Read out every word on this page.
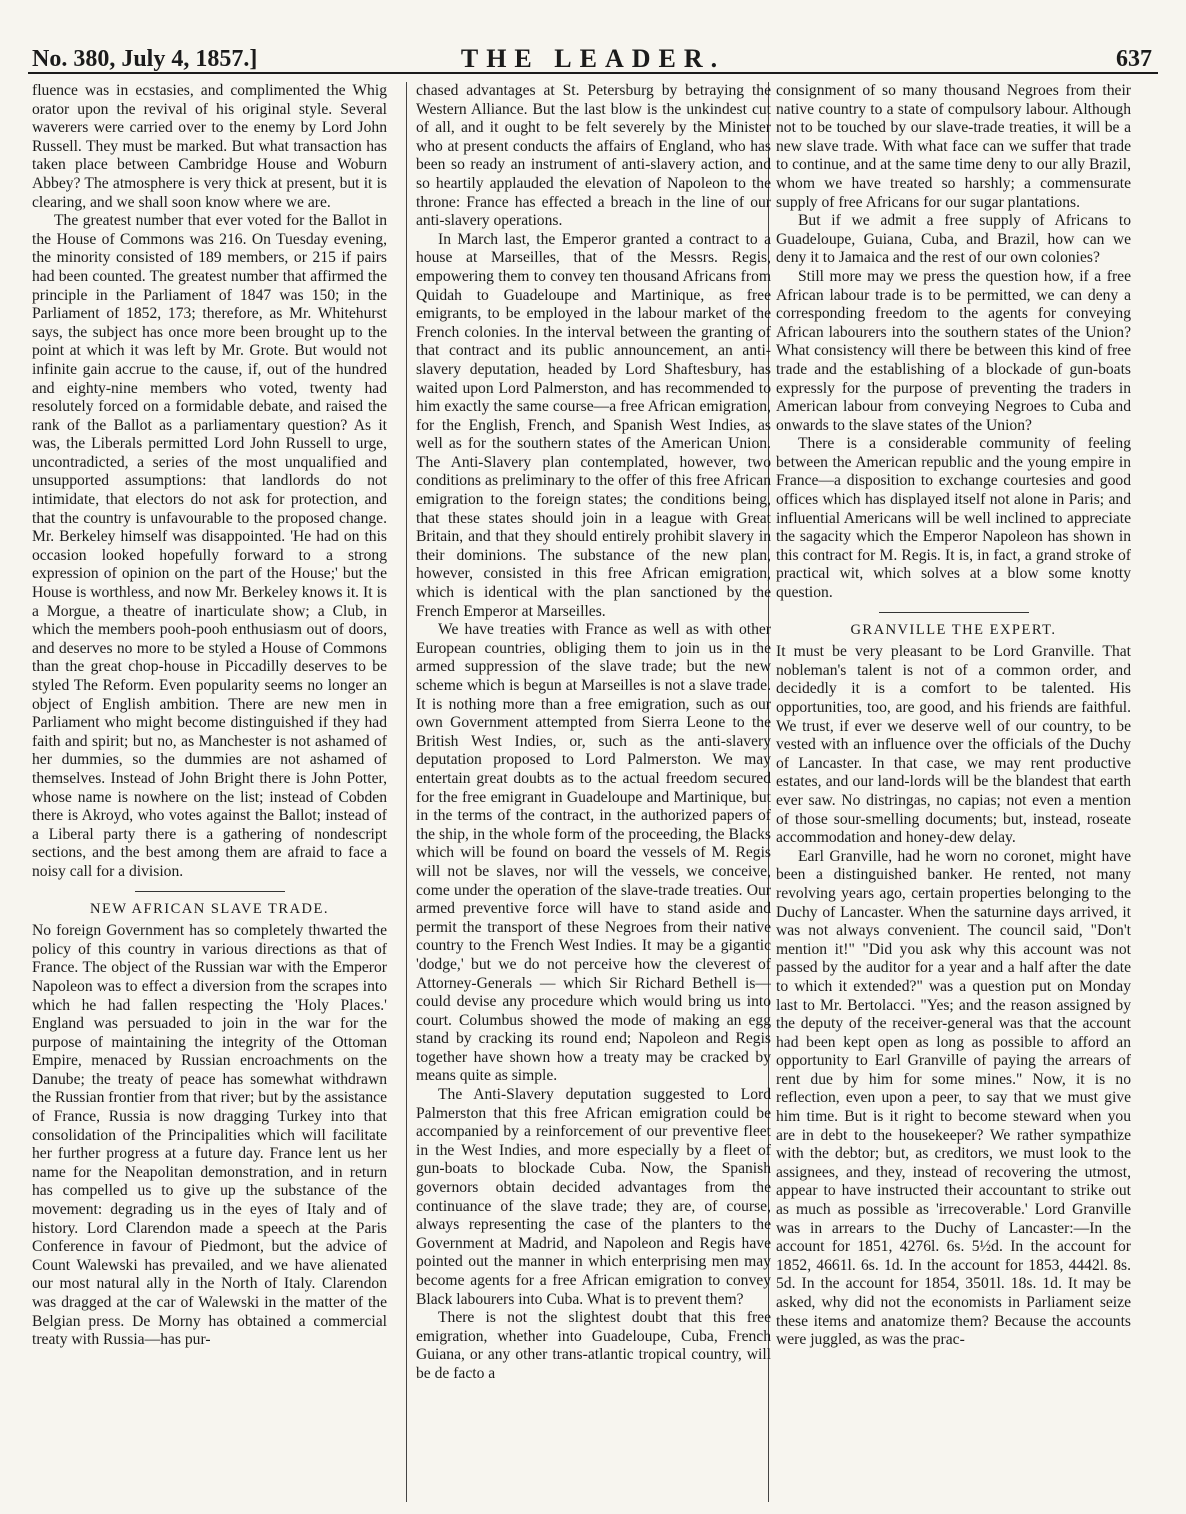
No. 380, July 4, 1857.]	THE LEADER.	637

fluence was in ecstasies, and complimented the Whig orator upon the revival of his original style. Several waverers were carried over to the enemy by Lord John Russell. They must be marked. But what transaction has taken place between Cambridge House and Woburn Abbey? The atmosphere is very thick at present, but it is clearing, and we shall soon know where we are.

The greatest number that ever voted for the Ballot in the House of Commons was 216. On Tuesday evening, the minority consisted of 189 members, or 215 if pairs had been counted. The greatest number that affirmed the principle in the Parliament of 1847 was 150; in the Parliament of 1852, 173; therefore, as Mr. Whitehurst says, the subject has once more been brought up to the point at which it was left by Mr. Grote. But would not infinite gain accrue to the cause, if, out of the hundred and eighty-nine members who voted, twenty had resolutely forced on a formidable debate, and raised the rank of the Ballot as a parliamentary question? As it was, the Liberals permitted Lord John Russell to urge, uncontradicted, a series of the most unqualified and unsupported assumptions: that landlords do not intimidate, that electors do not ask for protection, and that the country is unfavourable to the proposed change. Mr. Berkeley himself was disappointed. 'He had on this occasion looked hopefully forward to a strong expression of opinion on the part of the House;' but the House is worthless, and now Mr. Berkeley knows it. It is a Morgue, a theatre of inarticulate show; a Club, in which the members pooh-pooh enthusiasm out of doors, and deserves no more to be styled a House of Commons than the great chop-house in Piccadilly deserves to be styled The Reform. Even popularity seems no longer an object of English ambition. There are new men in Parliament who might become distinguished if they had faith and spirit; but no, as Manchester is not ashamed of her dummies, so the dummies are not ashamed of themselves. Instead of John Bright there is John Potter, whose name is nowhere on the list; instead of Cobden there is Akroyd, who votes against the Ballot; instead of a Liberal party there is a gathering of nondescript sections, and the best among them are afraid to face a noisy call for a division.

NEW AFRICAN SLAVE TRADE.

No foreign Government has so completely thwarted the policy of this country in various directions as that of France. The object of the Russian war with the Emperor Napoleon was to effect a diversion from the scrapes into which he had fallen respecting the 'Holy Places.' England was persuaded to join in the war for the purpose of maintaining the integrity of the Ottoman Empire, menaced by Russian encroachments on the Danube; the treaty of peace has somewhat withdrawn the Russian frontier from that river; but by the assistance of France, Russia is now dragging Turkey into that consolidation of the Principalities which will facilitate her further progress at a future day. France lent us her name for the Neapolitan demonstration, and in return has compelled us to give up the substance of the movement: degrading us in the eyes of Italy and of history. Lord Clarendon made a speech at the Paris Conference in favour of Piedmont, but the advice of Count Walewski has prevailed, and we have alienated our most natural ally in the North of Italy. Clarendon was dragged at the car of Walewski in the matter of the Belgian press. De Morny has obtained a commercial treaty with Russia—has pur-

chased advantages at St. Petersburg by betraying the Western Alliance. But the last blow is the unkindest cut of all, and it ought to be felt severely by the Minister who at present conducts the affairs of England, who has been so ready an instrument of anti-slavery action, and so heartily applauded the elevation of Napoleon to the throne: France has effected a breach in the line of our anti-slavery operations.

In March last, the Emperor granted a contract to a house at Marseilles, that of the Messrs. Regis, empowering them to convey ten thousand Africans from Quidah to Guadeloupe and Martinique, as free emigrants, to be employed in the labour market of the French colonies. In the interval between the granting of that contract and its public announcement, an anti-slavery deputation, headed by Lord Shaftesbury, has waited upon Lord Palmerston, and has recommended to him exactly the same course—a free African emigration, for the English, French, and Spanish West Indies, as well as for the southern states of the American Union. The Anti-Slavery plan contemplated, however, two conditions as preliminary to the offer of this free African emigration to the foreign states; the conditions being, that these states should join in a league with Great Britain, and that they should entirely prohibit slavery in their dominions. The substance of the new plan, however, consisted in this free African emigration, which is identical with the plan sanctioned by the French Emperor at Marseilles.

We have treaties with France as well as with other European countries, obliging them to join us in the armed suppression of the slave trade; but the new scheme which is begun at Marseilles is not a slave trade. It is nothing more than a free emigration, such as our own Government attempted from Sierra Leone to the British West Indies, or, such as the anti-slavery deputation proposed to Lord Palmerston. We may entertain great doubts as to the actual freedom secured for the free emigrant in Guadeloupe and Martinique, but in the terms of the contract, in the authorized papers of the ship, in the whole form of the proceeding, the Blacks which will be found on board the vessels of M. Regis will not be slaves, nor will the vessels, we conceive, come under the operation of the slave-trade treaties. Our armed preventive force will have to stand aside and permit the transport of these Negroes from their native country to the French West Indies. It may be a gigantic 'dodge,' but we do not perceive how the cleverest of Attorney-Generals — which Sir Richard Bethell is—could devise any procedure which would bring us into court. Columbus showed the mode of making an egg stand by cracking its round end; Napoleon and Regis together have shown how a treaty may be cracked by means quite as simple.

The Anti-Slavery deputation suggested to Lord Palmerston that this free African emigration could be accompanied by a reinforcement of our preventive fleet in the West Indies, and more especially by a fleet of gun-boats to blockade Cuba. Now, the Spanish governors obtain decided advantages from the continuance of the slave trade; they are, of course, always representing the case of the planters to the Government at Madrid, and Napoleon and Regis have pointed out the manner in which enterprising men may become agents for a free African emigration to convey Black labourers into Cuba. What is to prevent them?

There is not the slightest doubt that this free emigration, whether into Guadeloupe, Cuba, French Guiana, or any other trans-atlantic tropical country, will be de facto a

consignment of so many thousand Negroes from their native country to a state of compulsory labour. Although not to be touched by our slave-trade treaties, it will be a new slave trade. With what face can we suffer that trade to continue, and at the same time deny to our ally Brazil, whom we have treated so harshly; a commensurate supply of free Africans for our sugar plantations.

But if we admit a free supply of Africans to Guadeloupe, Guiana, Cuba, and Brazil, how can we deny it to Jamaica and the rest of our own colonies?

Still more may we press the question how, if a free African labour trade is to be permitted, we can deny a corresponding freedom to the agents for conveying African labourers into the southern states of the Union? What consistency will there be between this kind of free trade and the establishing of a blockade of gun-boats expressly for the purpose of preventing the traders in American labour from conveying Negroes to Cuba and onwards to the slave states of the Union?

There is a considerable community of feeling between the American republic and the young empire in France—a disposition to exchange courtesies and good offices which has displayed itself not alone in Paris; and influential Americans will be well inclined to appreciate the sagacity which the Emperor Napoleon has shown in this contract for M. Regis. It is, in fact, a grand stroke of practical wit, which solves at a blow some knotty question.

GRANVILLE THE EXPERT.

It must be very pleasant to be Lord Granville. That nobleman's talent is not of a common order, and decidedly it is a comfort to be talented. His opportunities, too, are good, and his friends are faithful. We trust, if ever we deserve well of our country, to be vested with an influence over the officials of the Duchy of Lancaster. In that case, we may rent productive estates, and our land-lords will be the blandest that earth ever saw. No distringas, no capias; not even a mention of those sour-smelling documents; but, instead, roseate accommodation and honey-dew delay.

Earl Granville, had he worn no coronet, might have been a distinguished banker. He rented, not many revolving years ago, certain properties belonging to the Duchy of Lancaster. When the saturnine days arrived, it was not always convenient. The council said, "Don't mention it!" "Did you ask why this account was not passed by the auditor for a year and a half after the date to which it extended?" was a question put on Monday last to Mr. Bertolacci. "Yes; and the reason assigned by the deputy of the receiver-general was that the account had been kept open as long as possible to afford an opportunity to Earl Granville of paying the arrears of rent due by him for some mines." Now, it is no reflection, even upon a peer, to say that we must give him time. But is it right to become steward when you are in debt to the housekeeper? We rather sympathize with the debtor; but, as creditors, we must look to the assignees, and they, instead of recovering the utmost, appear to have instructed their accountant to strike out as much as possible as 'irrecoverable.' Lord Granville was in arrears to the Duchy of Lancaster:—In the account for 1851, 4276l. 6s. 5½d. In the account for 1852, 4661l. 6s. 1d. In the account for 1853, 4442l. 8s. 5d. In the account for 1854, 3501l. 18s. 1d. It may be asked, why did not the economists in Parliament seize these items and anatomize them? Because the accounts were juggled, as was the prac-
